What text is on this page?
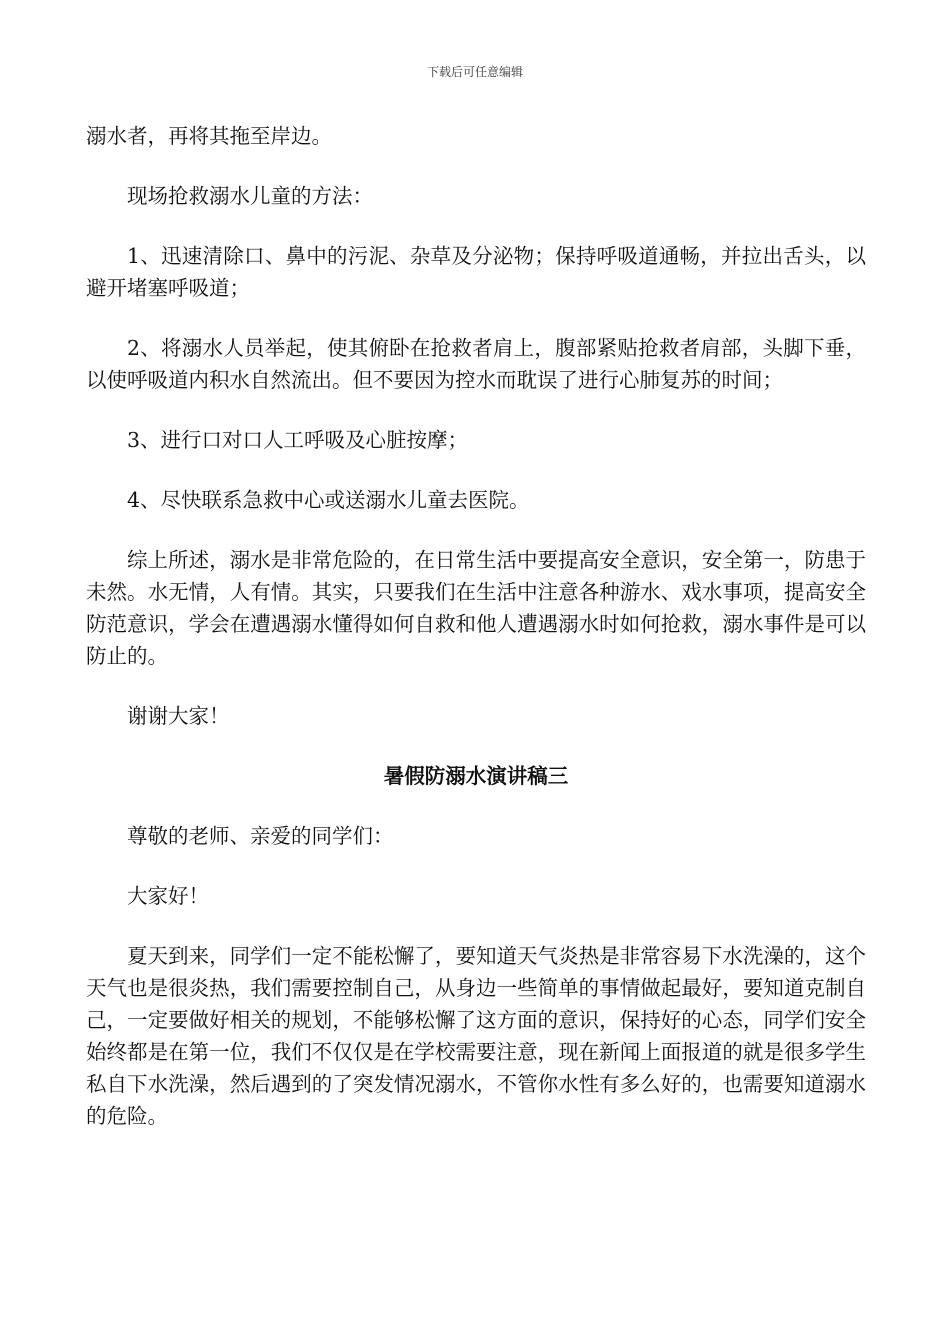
下载后可任意编辑

溺水者，再将其拖至岸边。

现场抢救溺水儿童的方法：

1、迅速清除口、鼻中的污泥、杂草及分泌物；保持呼吸道通畅，并拉出舌头，以避开堵塞呼吸道；

2、将溺水人员举起，使其俯卧在抢救者肩上，腹部紧贴抢救者肩部，头脚下垂，以使呼吸道内积水自然流出。但不要因为控水而耽误了进行心肺复苏的时间；

3、进行口对口人工呼吸及心脏按摩；

4、尽快联系急救中心或送溺水儿童去医院。

综上所述，溺水是非常危险的，在日常生活中要提高安全意识，安全第一，防患于未然。水无情，人有情。其实，只要我们在生活中注意各种游水、戏水事项，提高安全防范意识，学会在遭遇溺水懂得如何自救和他人遭遇溺水时如何抢救，溺水事件是可以防止的。

谢谢大家！

暑假防溺水演讲稿三

尊敬的老师、亲爱的同学们：

大家好！

夏天到来，同学们一定不能松懈了，要知道天气炎热是非常容易下水洗澡的，这个天气也是很炎热，我们需要控制自己，从身边一些简单的事情做起最好，要知道克制自己，一定要做好相关的规划，不能够松懈了这方面的意识，保持好的心态，同学们安全始终都是在第一位，我们不仅仅是在学校需要注意，现在新闻上面报道的就是很多学生私自下水洗澡，然后遇到的了突发情况溺水，不管你水性有多么好的，也需要知道溺水的危险。
